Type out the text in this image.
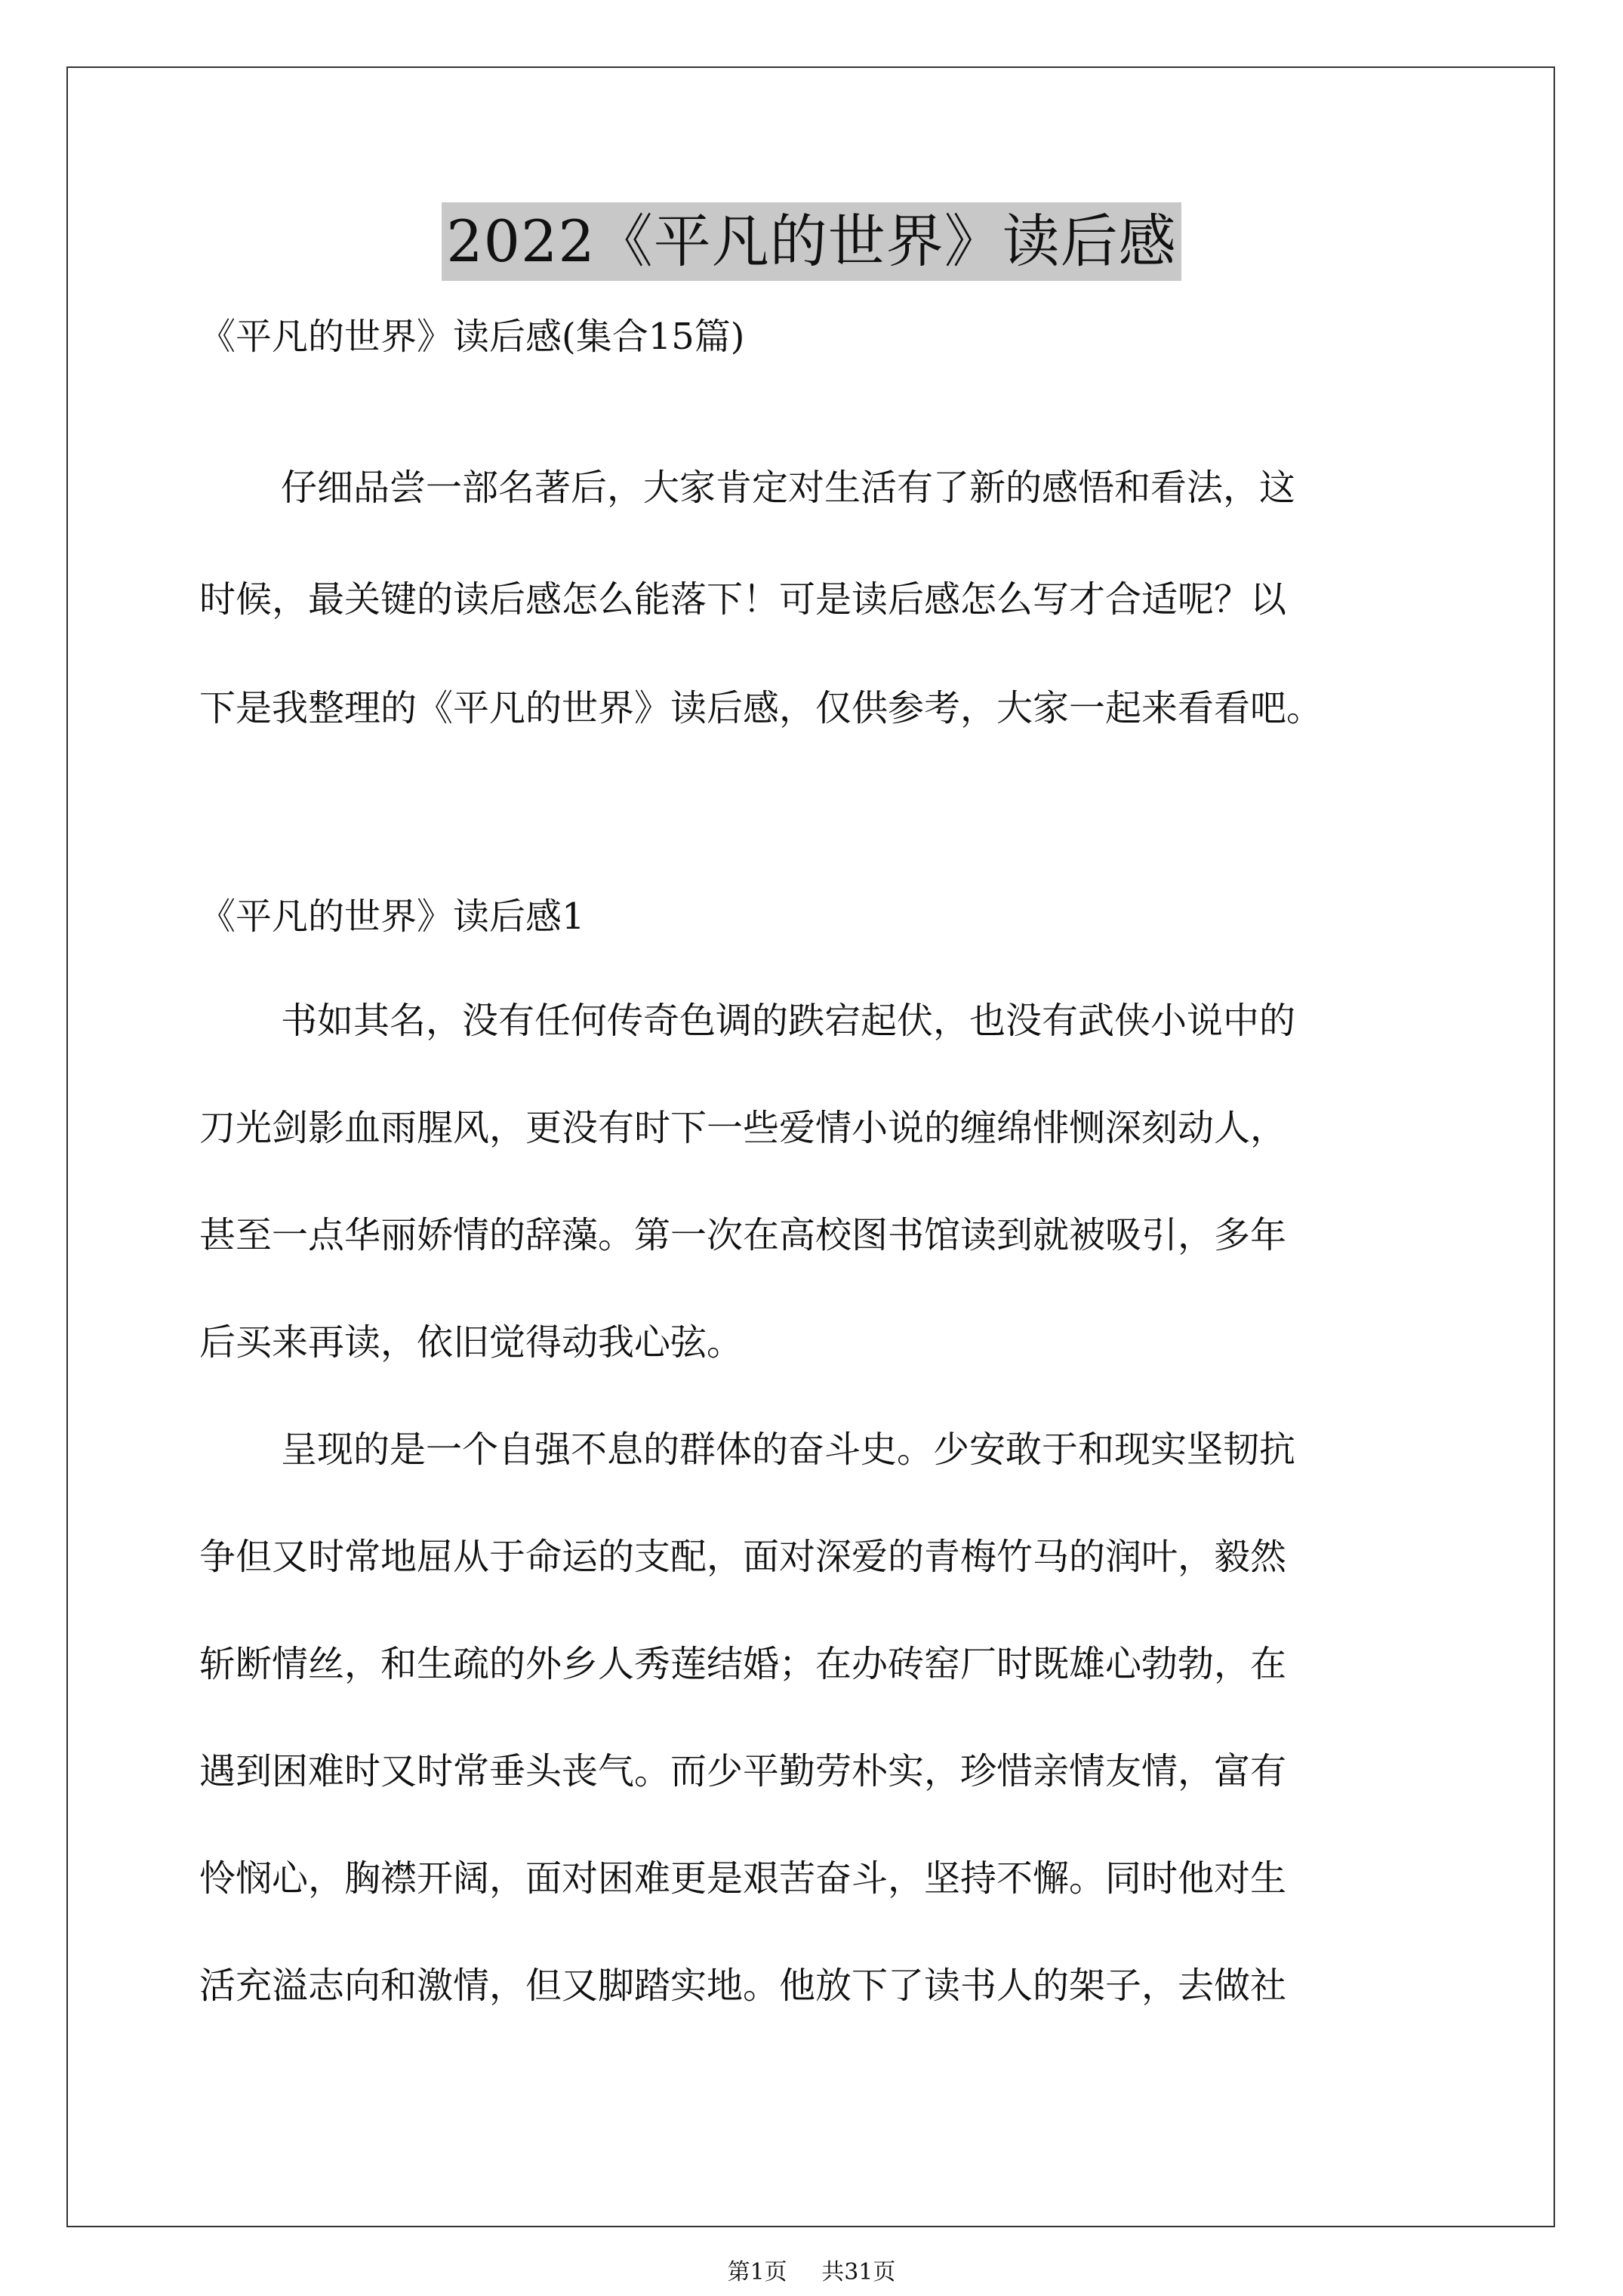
2022《平凡的世界》读后感
《平凡的世界》读后感(集合15篇)
仔细品尝一部名著后，大家肯定对生活有了新的感悟和看法，这
时候，最关键的读后感怎么能落下！可是读后感怎么写才合适呢？以
下是我整理的《平凡的世界》读后感，仅供参考，大家一起来看看吧。
《平凡的世界》读后感1
书如其名，没有任何传奇色调的跌宕起伏，也没有武侠小说中的
刀光剑影血雨腥风，更没有时下一些爱情小说的缠绵悱恻深刻动人，
甚至一点华丽娇情的辞藻。第一次在高校图书馆读到就被吸引，多年
后买来再读，依旧觉得动我心弦。
呈现的是一个自强不息的群体的奋斗史。少安敢于和现实坚韧抗
争但又时常地屈从于命运的支配，面对深爱的青梅竹马的润叶，毅然
斩断情丝，和生疏的外乡人秀莲结婚；在办砖窑厂时既雄心勃勃，在
遇到困难时又时常垂头丧气。而少平勤劳朴实，珍惜亲情友情，富有
怜悯心，胸襟开阔，面对困难更是艰苦奋斗，坚持不懈。同时他对生
活充溢志向和激情，但又脚踏实地。他放下了读书人的架子，去做社
第1页 共31页
